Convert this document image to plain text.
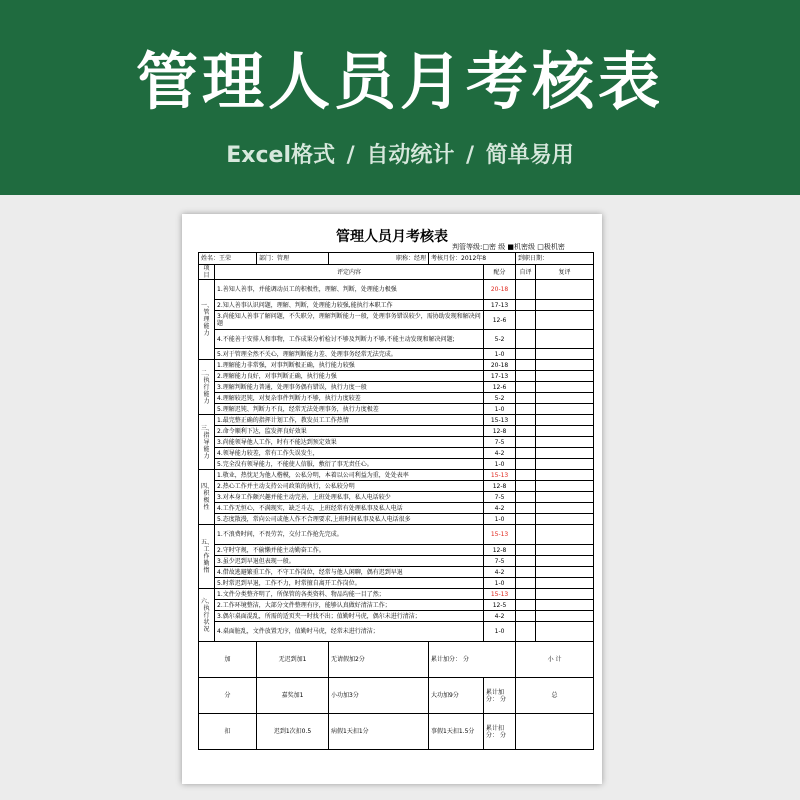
管理人员月考核表
Excel格式 / 自动统计 / 简单易用
管理人员月考核表
判管等级:□密 级 ■机密级 □极机密
姓名：王荣		部门：管理	职称：经理	考核月份：2012年8		到职日期：	
项目	评定内容				配分	自评	复评
一、管理能力	1.善知人善事，并能调动员工的积极性，理解、判断，处理能力极强				20-18		
	2.知人善事认识问题，理解、判断，处理能力较强,能执行本职工作				17-13		
	3.尚能知人善事了解问题，不失职分，理解判断能力一般，处理事务错误较少，需协助发现和解决问题				12-6		
	4.不能善于安排人和事物，工作成果分析检讨不够及判断力不够,不能主动发现和解决问题;				5-2		
	5.对于管理全然不关心，理解判断能力差、处理事务经常无法完成。				1-0		
二、执行能力	1.理解能力非常强，对事判断极正确，执行能力较强				20-18		
	2.理解能力良好，对事判断正确，执行能力强				17-13		
	3.理解判断能力普通，处理事务偶有错误，执行力度一般				12-6		
	4.理解较迟钝，对复杂事件判断力不够，执行力度较差				5-2		
	5.理解迟钝、判断力不良，经常无法处理事务，执行力度极差				1-0		
三、指导能力	1.最完整正确的指挥计划工作，教发员工工作热情				15-13		
	2.命令顺利下达，监发挥良好效果				12-8		
	3.尚能领导他人工作，时有不能达到预定效果				7-5		
	4.领导能力较差，常有工作失误发生，				4-2		
	5.完全没有领导能力，不能使人信服，敷衍了事无责任心。				1-0		
四、积极性	1.敬业，热忱足为他人楷模，公私分明，本着以公司利益为重，处处表率				15-13		
	2.热心工作并主动支持公司政策的执行，公私较分明				12-8		
	3.对本身工作颇兴趣并能主动完善，上班处理私事，私人电话较少				7-5		
	4.工作无恒心，不满现实，缺乏斗志，上班经常有处理私事及私人电话				4-2		
	5.态度散漫，常向公司或他人作不合理要求,上班时间私事及私人电话很多				1-0		
五、工作勤惰	1.不浪费时间，不畏劳苦，交付工作抢先完成。				15-13		
	2.守时守规，不偷懒并能主动勤奋工作。				12-8		
	3.虽少迟到早退但表现一般。				7-5		
	4.借故逃避繁重工作，不守工作岗位，经常与他人闲聊，偶有迟到早退				4-2		
	5.时常迟到早退，工作不力，时常擅自离开工作岗位。				1-0		
六、执行状况	1.文件分类整齐明了，所保管的各类资料、物品均能一目了然；				15-13		
	2.工作环境整洁，大部分文件整理有序，能够认真做好清洁工作；				12-5		
	3.偶尔桌面混乱，所需的适页夹一时找不出；值勤时马虎，偶尔未进行清洁；				4-2		
	4.桌面脏乱，文件放置无序，值勤时马虎，经常未进行清洁；				1-0		
加		无迟到加1	无请假加2分	累计加分： 分		小 计	
分		嘉奖加1	小功加3分	大功加9分	累计加分： 分	总	
扣		迟到1次扣0.5	病假1天扣1分	事假1天扣1.5分	累计扣分： 分		
